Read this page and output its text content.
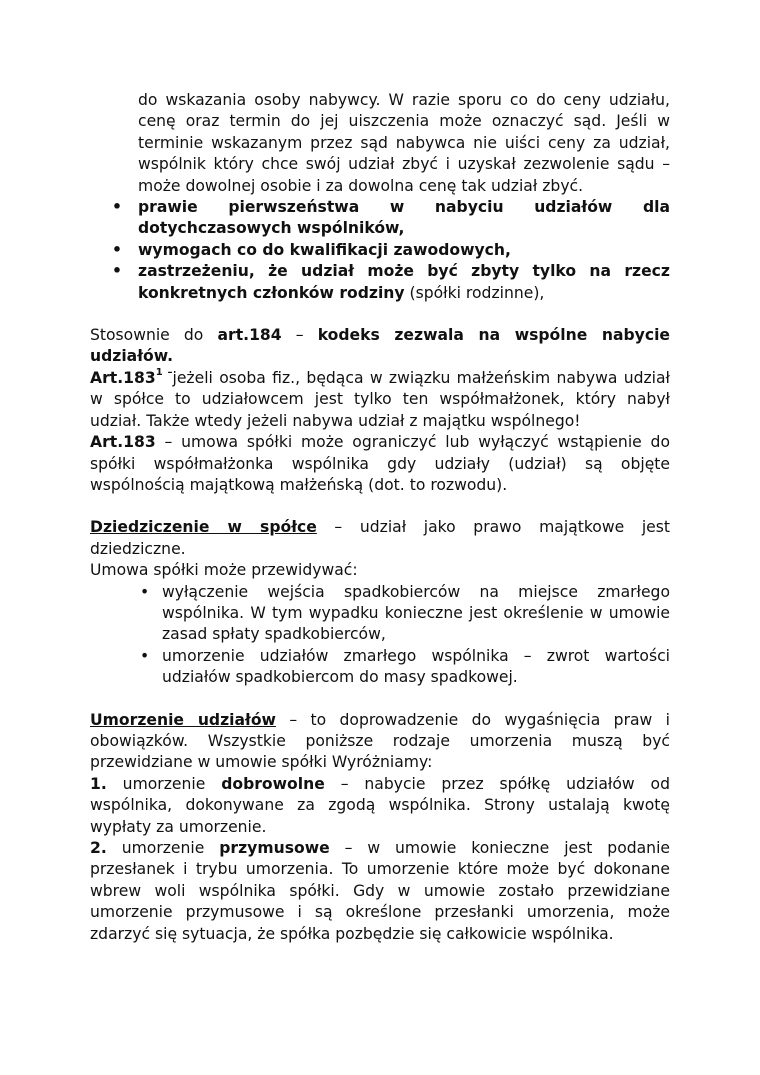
do wskazania osoby nabywcy. W razie sporu co do ceny udziału,
cenę oraz termin do jej uiszczenia może oznaczyć sąd. Jeśli w
terminie wskazanym przez sąd nabywca nie uiści ceny za udział,
wspólnik który chce swój udział zbyć i uzyskał zezwolenie sądu –
może dowolnej osobie i za dowolna cenę tak udział zbyć.
• prawie pierwszeństwa w nabyciu udziałów dla
dotychczasowych wspólników,
• wymogach co do kwalifikacji zawodowych,
• zastrzeżeniu, że udział może być zbyty tylko na rzecz
konkretnych członków rodziny (spółki rodzinne),
Stosownie do art.184 – kodeks zezwala na wspólne nabycie
udziałów.
$Art.183^{1 -}jeżeli$ osoba fiz., będąca w związku małżeńskim nabywa udział
w spółce to udziałowcem jest tylko ten współmałżonek, który nabył
udział. Także wtedy jeżeli nabywa udział z majątku wspólnego!
Art.183 – umowa spółki może ograniczyć lub wyłączyć wstąpienie do
spółki współmałżonka wspólnika gdy udziały (udział) są objęte
wspólnością majątkową małżeńską (dot. to rozwodu).
Dziedziczenie w spółce – udział jako prawo majątkowe jest
dziedziczne.
Umowa spółki może przewidywać:
• wyłączenie wejścia spadkobierców na miejsce zmarłego
wspólnika. W tym wypadku konieczne jest określenie w umowie
zasad spłaty spadkobierców,
• umorzenie udziałów zmarłego wspólnika – zwrot wartości
udziałów spadkobiercom do masy spadkowej.
Umorzenie udziałów – to doprowadzenie do wygaśnięcia praw i
obowiązków. Wszystkie poniższe rodzaje umorzenia muszą być
przewidziane w umowie spółki Wyróżniamy:
1. umorzenie dobrowolne – nabycie przez spółkę udziałów od
wspólnika, dokonywane za zgodą wspólnika. Strony ustalają kwotę
wypłaty za umorzenie.
2. umorzenie przymusowe – w umowie konieczne jest podanie
przesłanek i trybu umorzenia. To umorzenie które może być dokonane
wbrew woli wspólnika spółki. Gdy w umowie zostało przewidziane
umorzenie przymusowe i są określone przesłanki umorzenia, może
zdarzyć się sytuacja, że spółka pozbędzie się całkowicie wspólnika.
